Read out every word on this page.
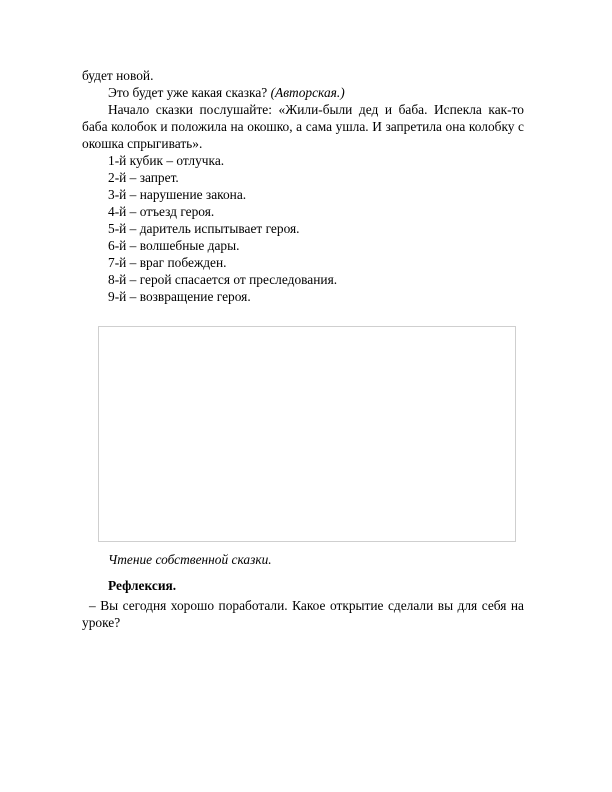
будет новой.

Это будет уже какая сказка? (Авторская.)

Начало сказки послушайте: «Жили-были дед и баба. Испекла как-то баба колобок и положила на окошко, а сама ушла. И запретила она колобку с окошка спрыгивать».

1-й кубик – отлучка.

2-й – запрет.

3-й – нарушение закона.

4-й – отъезд героя.

5-й – даритель испытывает героя.

6-й – волшебные дары.

7-й – враг побежден.

8-й – герой спасается от преследования.

9-й – возвращение героя.

Чтение собственной сказки.

Рефлексия.

– Вы сегодня хорошо поработали. Какое открытие сделали вы для себя на уроке?
